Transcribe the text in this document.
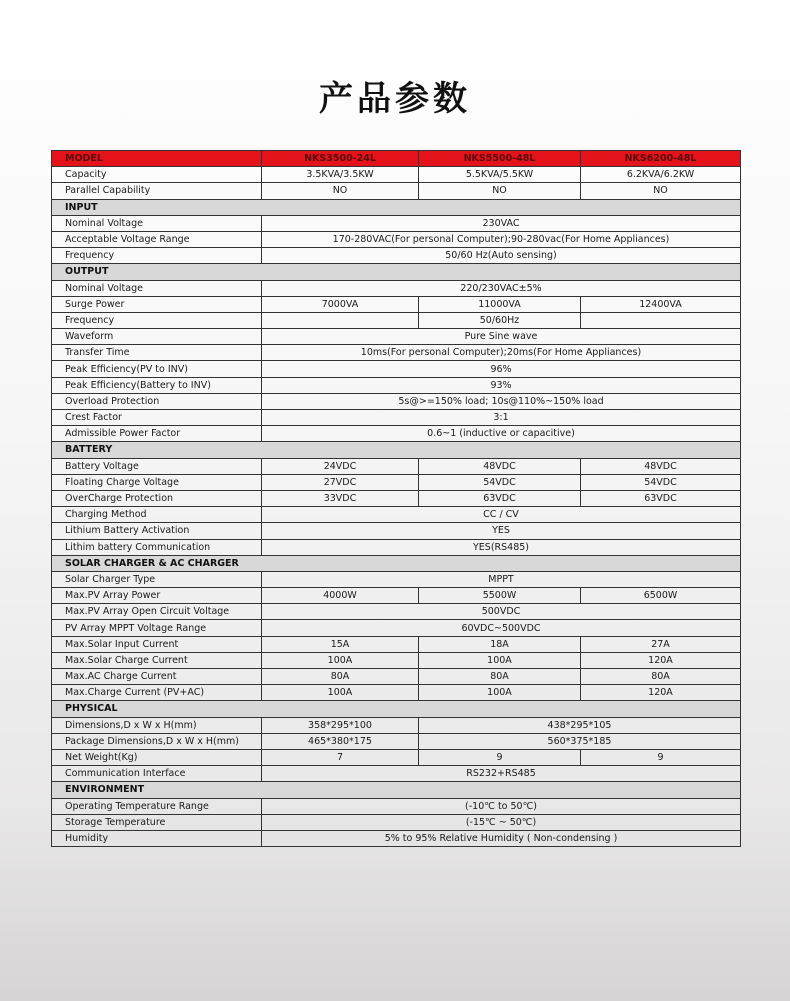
产品参数
MODEL	NKS3500-24L	NKS5500-48L	NKS6200-48L
Capacity	3.5KVA/3.5KW	5.5KVA/5.5KW	6.2KVA/6.2KW
Parallel Capability	NO	NO	NO
INPUT			
Nominal Voltage	230VAC		
Acceptable Voltage Range	170-280VAC(For personal Computer);90-280vac(For Home Appliances)		
Frequency	50/60 Hz(Auto sensing)		
OUTPUT			
Nominal Voltage	220/230VAC±5%		
Surge Power	7000VA	11000VA	12400VA
Frequency		50/60Hz	
Waveform	Pure Sine wave		
Transfer Time	10ms(For personal Computer);20ms(For Home Appliances)		
Peak Efficiency(PV to INV)	96%		
Peak Efficiency(Battery to INV)	93%		
Overload Protection	5s@>=150% load; 10s@110%~150% load		
Crest Factor	3:1		
Admissible Power Factor	0.6~1 (inductive or capacitive)		
BATTERY			
Battery Voltage	24VDC	48VDC	48VDC
Floating Charge Voltage	27VDC	54VDC	54VDC
OverCharge Protection	33VDC	63VDC	63VDC
Charging Method	CC / CV		
Lithium Battery Activation	YES		
Lithim battery Communication	YES(RS485)		
SOLAR CHARGER & AC CHARGER			
Solar Charger Type	MPPT		
Max.PV Array Power	4000W	5500W	6500W
Max.PV Array Open Circuit Voltage	500VDC		
PV Array MPPT Voltage Range	60VDC~500VDC		
Max.Solar Input Current	15A	18A	27A
Max.Solar Charge Current	100A	100A	120A
Max.AC Charge Current	80A	80A	80A
Max.Charge Current (PV+AC)	100A	100A	120A
PHYSICAL			
Dimensions,D x W x H(mm)	358*295*100	438*295*105	
Package Dimensions,D x W x H(mm)	465*380*175	560*375*185	
Net Weight(Kg)	7	9	9
Communication Interface	RS232+RS485		
ENVIRONMENT			
Operating Temperature Range	(-10℃ to 50℃)		
Storage Temperature	(-15℃ ~ 50℃)		
Humidity	5% to 95% Relative Humidity ( Non-condensing )		
